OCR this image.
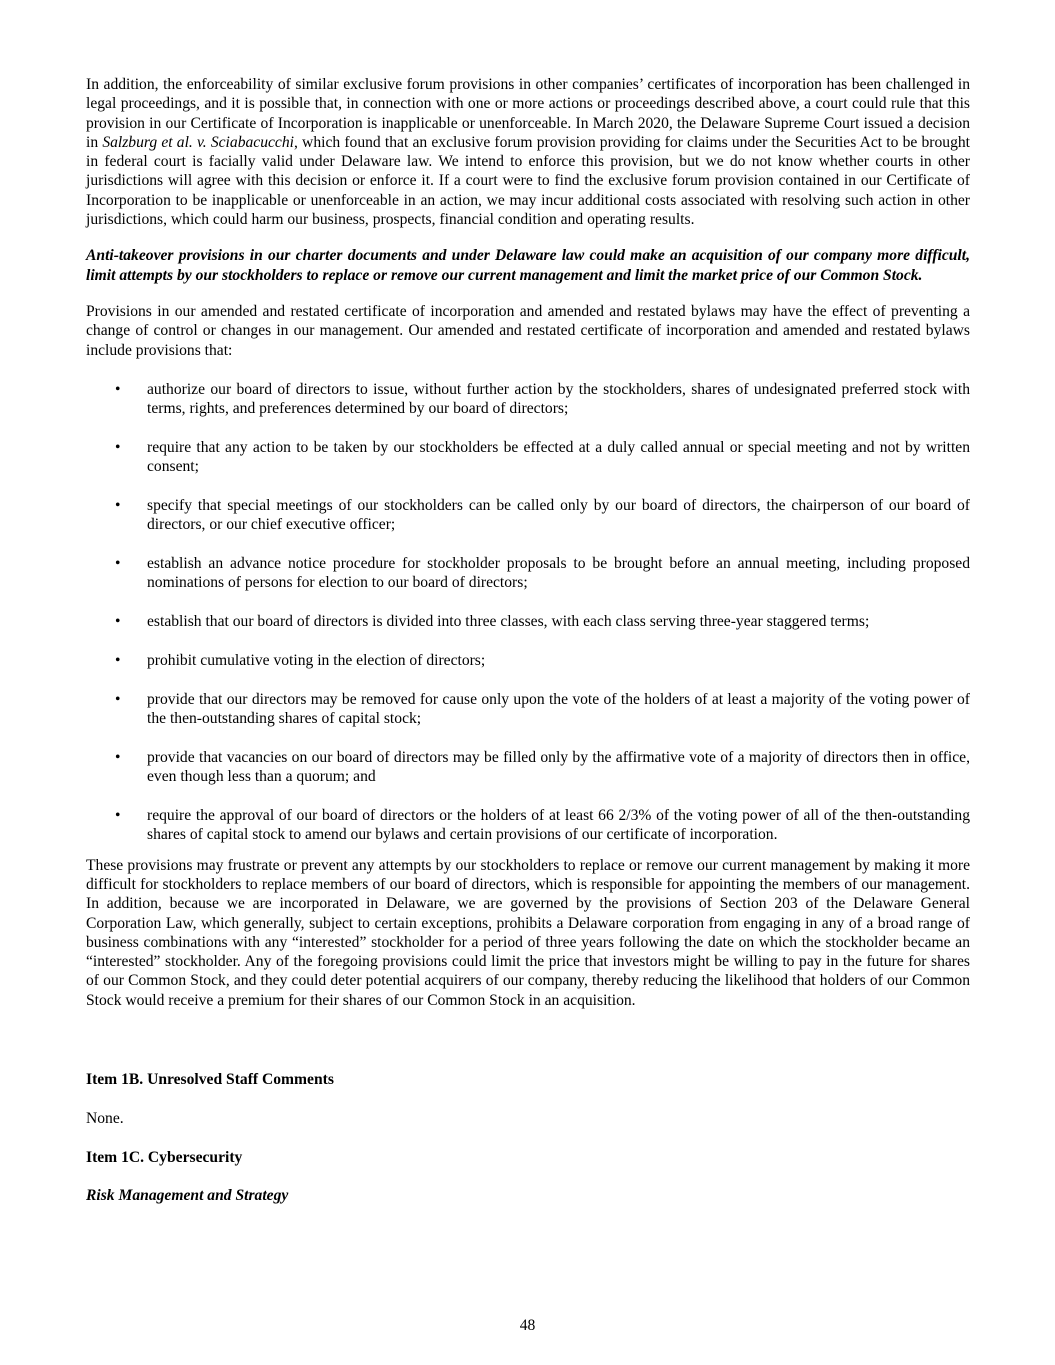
In addition, the enforceability of similar exclusive forum provisions in other companies’ certificates of incorporation has been challenged in legal proceedings, and it is possible that, in connection with one or more actions or proceedings described above, a court could rule that this provision in our Certificate of Incorporation is inapplicable or unenforceable. In March 2020, the Delaware Supreme Court issued a decision in Salzburg et al. v. Sciabacucchi, which found that an exclusive forum provision providing for claims under the Securities Act to be brought in federal court is facially valid under Delaware law. We intend to enforce this provision, but we do not know whether courts in other jurisdictions will agree with this decision or enforce it. If a court were to find the exclusive forum provision contained in our Certificate of Incorporation to be inapplicable or unenforceable in an action, we may incur additional costs associated with resolving such action in other jurisdictions, which could harm our business, prospects, financial condition and operating results.

Anti-takeover provisions in our charter documents and under Delaware law could make an acquisition of our company more difficult, limit attempts by our stockholders to replace or remove our current management and limit the market price of our Common Stock.

Provisions in our amended and restated certificate of incorporation and amended and restated bylaws may have the effect of preventing a change of control or changes in our management. Our amended and restated certificate of incorporation and amended and restated bylaws include provisions that:

• authorize our board of directors to issue, without further action by the stockholders, shares of undesignated preferred stock with terms, rights, and preferences determined by our board of directors;
• require that any action to be taken by our stockholders be effected at a duly called annual or special meeting and not by written consent;
• specify that special meetings of our stockholders can be called only by our board of directors, the chairperson of our board of directors, or our chief executive officer;
• establish an advance notice procedure for stockholder proposals to be brought before an annual meeting, including proposed nominations of persons for election to our board of directors;
• establish that our board of directors is divided into three classes, with each class serving three-year staggered terms;
• prohibit cumulative voting in the election of directors;
• provide that our directors may be removed for cause only upon the vote of the holders of at least a majority of the voting power of the then-outstanding shares of capital stock;
• provide that vacancies on our board of directors may be filled only by the affirmative vote of a majority of directors then in office, even though less than a quorum; and
• require the approval of our board of directors or the holders of at least 66 2/3% of the voting power of all of the then-outstanding shares of capital stock to amend our bylaws and certain provisions of our certificate of incorporation.

These provisions may frustrate or prevent any attempts by our stockholders to replace or remove our current management by making it more difficult for stockholders to replace members of our board of directors, which is responsible for appointing the members of our management. In addition, because we are incorporated in Delaware, we are governed by the provisions of Section 203 of the Delaware General Corporation Law, which generally, subject to certain exceptions, prohibits a Delaware corporation from engaging in any of a broad range of business combinations with any “interested” stockholder for a period of three years following the date on which the stockholder became an “interested” stockholder. Any of the foregoing provisions could limit the price that investors might be willing to pay in the future for shares of our Common Stock, and they could deter potential acquirers of our company, thereby reducing the likelihood that holders of our Common Stock would receive a premium for their shares of our Common Stock in an acquisition.

Item 1B. Unresolved Staff Comments

None.

Item 1C. Cybersecurity

Risk Management and Strategy

48
